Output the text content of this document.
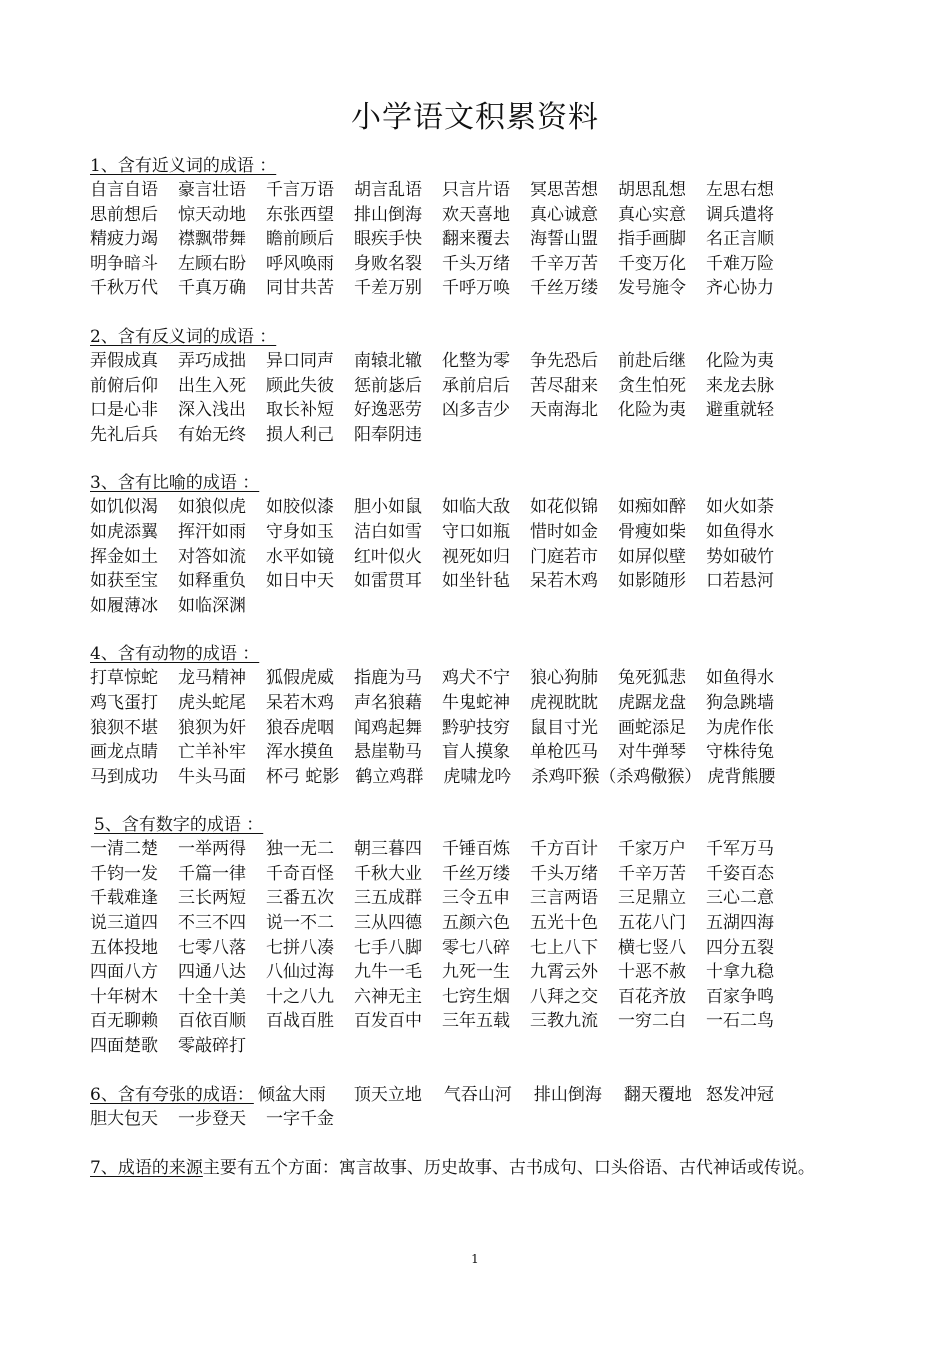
小学语文积累资料
1、含有近义词的成语 ：
自言自语	豪言壮语	千言万语	胡言乱语	只言片语	冥思苦想	胡思乱想	左思右想
思前想后	惊天动地	东张西望	排山倒海	欢天喜地	真心诚意	真心实意	调兵遣将
精疲力竭	襟飘带舞	瞻前顾后	眼疾手快	翻来覆去	海誓山盟	指手画脚	名正言顺
明争暗斗	左顾右盼	呼风唤雨	身败名裂	千头万绪	千辛万苦	千变万化	千难万险
千秋万代	千真万确	同甘共苦	千差万别	千呼万唤	千丝万缕	发号施令	齐心协力
2、含有反义词的成语 ：
弄假成真	弄巧成拙	异口同声	南辕北辙	化整为零	争先恐后	前赴后继	化险为夷
前俯后仰	出生入死	顾此失彼	惩前毖后	承前启后	苦尽甜来	贪生怕死	来龙去脉
口是心非	深入浅出	取长补短	好逸恶劳	凶多吉少	天南海北	化险为夷	避重就轻
先礼后兵	有始无终	损人利己	阳奉阴违
3、含有比喻的成语 ：
如饥似渴	如狼似虎	如胶似漆	胆小如鼠	如临大敌	如花似锦	如痴如醉	如火如荼
如虎添翼	挥汗如雨	守身如玉	洁白如雪	守口如瓶	惜时如金	骨瘦如柴	如鱼得水
挥金如土	对答如流	水平如镜	红叶似火	视死如归	门庭若市	如屏似壁	势如破竹
如获至宝	如释重负	如日中天	如雷贯耳	如坐针毡	呆若木鸡	如影随形	口若悬河
如履薄冰	如临深渊
4、含有动物的成语 ：
打草惊蛇	龙马精神	狐假虎威	指鹿为马	鸡犬不宁	狼心狗肺	兔死狐悲	如鱼得水
鸡飞蛋打	虎头蛇尾	呆若木鸡	声名狼藉	牛鬼蛇神	虎视眈眈	虎踞龙盘	狗急跳墙
狼狈不堪	狼狈为奸	狼吞虎咽	闻鸡起舞	黔驴技穷	鼠目寸光	画蛇添足	为虎作伥
画龙点睛	亡羊补牢	浑水摸鱼	悬崖勒马	盲人摸象	单枪匹马	对牛弹琴	守株待兔
马到成功	牛头马面	杯弓 蛇影 鹤立鸡群 虎啸龙吟 杀鸡吓猴（杀鸡儆猴） 虎背熊腰
5、含有数字的成语 ：
一清二楚	一举两得	独一无二	朝三暮四	千锤百炼	千方百计	千家万户	千军万马
千钧一发	千篇一律	千奇百怪	千秋大业	千丝万缕	千头万绪	千辛万苦	千姿百态
千载难逢	三长两短	三番五次	三五成群	三令五申	三言两语	三足鼎立	三心二意
说三道四	不三不四	说一不二	三从四德	五颜六色	五光十色	五花八门	五湖四海
五体投地	七零八落	七拼八凑	七手八脚	零七八碎	七上八下	横七竖八	四分五裂
四面八方	四通八达	八仙过海	九牛一毛	九死一生	九霄云外	十恶不赦	十拿九稳
十年树木	十全十美	十之八九	六神无主	七窍生烟	八拜之交	百花齐放	百家争鸣
百无聊赖	百依百顺	百战百胜	百发百中	三年五载	三教九流	一穷二白	一石二鸟
四面楚歌	零敲碎打
6、含有夸张的成语： 倾盆大雨 顶天立地 气吞山河 排山倒海 翻天覆地 怒发冲冠
胆大包天	一步登天	一字千金
7、成语的来源 主要有五个方面：寓言故事、历史故事、古书成句、口头俗语、古代神话或传说。
1
